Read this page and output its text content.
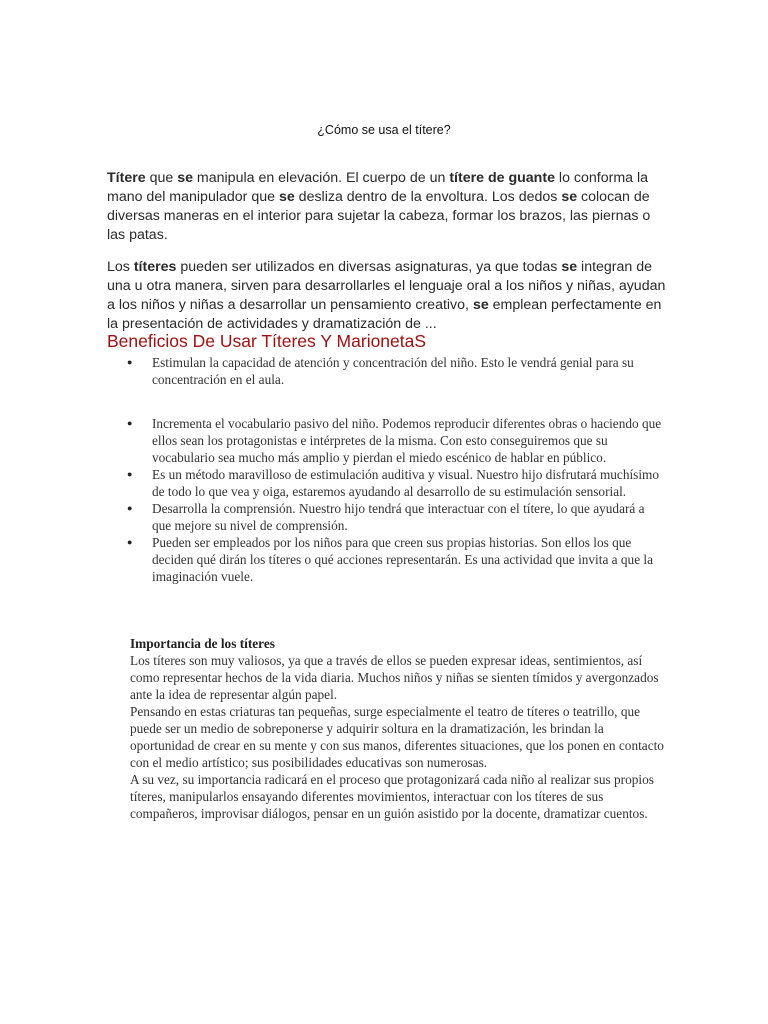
¿Cómo se usa el títere?

Títere que se manipula en elevación. El cuerpo de un títere de guante lo conforma la mano del manipulador que se desliza dentro de la envoltura. Los dedos se colocan de diversas maneras en el interior para sujetar la cabeza, formar los brazos, las piernas o las patas.

Los títeres pueden ser utilizados en diversas asignaturas, ya que todas se integran de una u otra manera, sirven para desarrollarles el lenguaje oral a los niños y niñas, ayudan a los niños y niñas a desarrollar un pensamiento creativo, se emplean perfectamente en la presentación de actividades y dramatización de ...

Beneficios De Usar Títeres Y MarionetaS
● Estimulan la capacidad de atención y concentración del niño. Esto le vendrá genial para su concentración en el aula.
● Incrementa el vocabulario pasivo del niño. Podemos reproducir diferentes obras o haciendo que ellos sean los protagonistas e intérpretes de la misma. Con esto conseguiremos que su vocabulario sea mucho más amplio y pierdan el miedo escénico de hablar en público.
● Es un método maravilloso de estimulación auditiva y visual. Nuestro hijo disfrutará muchísimo de todo lo que vea y oiga, estaremos ayudando al desarrollo de su estimulación sensorial.
● Desarrolla la comprensión. Nuestro hijo tendrá que interactuar con el títere, lo que ayudará a que mejore su nivel de comprensión.
● Pueden ser empleados por los niños para que creen sus propias historias. Son ellos los que deciden qué dirán los títeres o qué acciones representarán. Es una actividad que invita a que la imaginación vuele.

Importancia de los títeres

Los títeres son muy valiosos, ya que a través de ellos se pueden expresar ideas, sentimientos, así como representar hechos de la vida diaria. Muchos niños y niñas se sienten tímidos y avergonzados ante la idea de representar algún papel.

Pensando en estas criaturas tan pequeñas, surge especialmente el teatro de títeres o teatrillo, que puede ser un medio de sobreponerse y adquirir soltura en la dramatización, les brindan la oportunidad de crear en su mente y con sus manos, diferentes situaciones, que los ponen en contacto con el medio artístico; sus posibilidades educativas son numerosas.

A su vez, su importancia radicará en el proceso que protagonizará cada niño al realizar sus propios títeres, manipularlos ensayando diferentes movimientos, interactuar con los títeres de sus compañeros, improvisar diálogos, pensar en un guión asistido por la docente, dramatizar cuentos.
